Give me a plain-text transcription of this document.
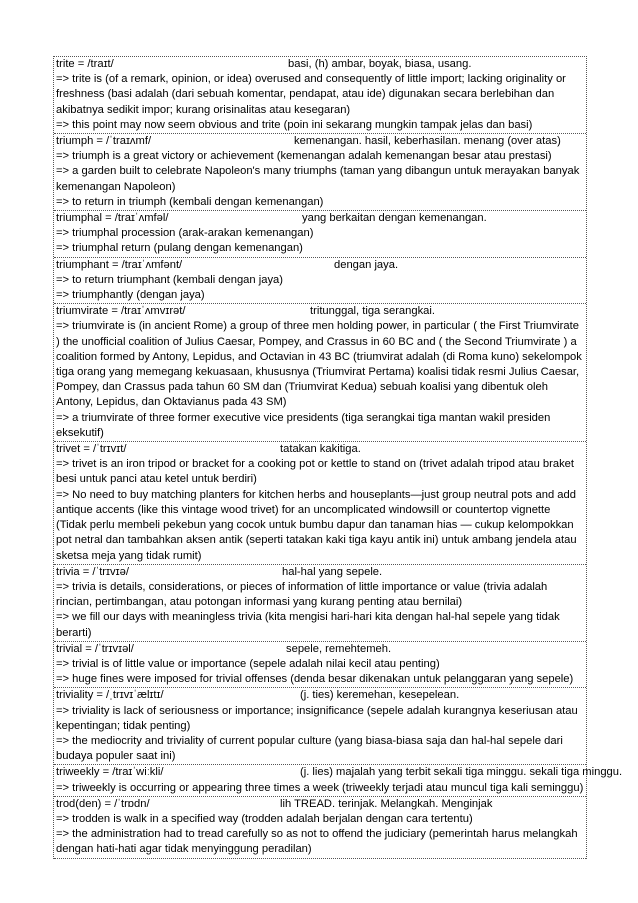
trite = /traɪt/	basi, (h) ambar, boyak, biasa, usang.
=> trite is (of a remark, opinion, or idea) overused and consequently of little import; lacking originality or freshness (basi adalah (dari sebuah komentar, pendapat, atau ide) digunakan secara berlebihan dan akibatnya sedikit impor; kurang orisinalitas atau kesegaran)
=> this point may now seem obvious and trite (poin ini sekarang mungkin tampak jelas dan basi)
triumph = /ˈtraɪʌmf/	kemenangan. hasil, keberhasilan. menang (over atas)
=> triumph is a great victory or achievement (kemenangan adalah kemenangan besar atau prestasi)
=> a garden built to celebrate Napoleon's many triumphs (taman yang dibangun untuk merayakan banyak kemenangan Napoleon)
=> to return in triumph (kembali dengan kemenangan)
triumphal = /traɪˈʌmfəl/	yang berkaitan dengan kemenangan.
=> triumphal procession (arak-arakan kemenangan)
=> triumphal return (pulang dengan kemenangan)
triumphant = /traɪˈʌmfənt/	dengan jaya.
=> to return triumphant (kembali dengan jaya)
=> triumphantly (dengan jaya)
triumvirate = /traɪˈʌmvɪrət/	tritunggal, tiga serangkai.
=> triumvirate is (in ancient Rome) a group of three men holding power, in particular ( the First Triumvirate ) the unofficial coalition of Julius Caesar, Pompey, and Crassus in 60 BC and ( the Second Triumvirate ) a coalition formed by Antony, Lepidus, and Octavian in 43 BC (triumvirat adalah (di Roma kuno) sekelompok tiga orang yang memegang kekuasaan, khususnya (Triumvirat Pertama) koalisi tidak resmi Julius Caesar, Pompey, dan Crassus pada tahun 60 SM dan (Triumvirat Kedua) sebuah koalisi yang dibentuk oleh Antony, Lepidus, dan Oktavianus pada 43 SM)
=> a triumvirate of three former executive vice presidents (tiga serangkai tiga mantan wakil presiden eksekutif)
trivet = /ˈtrɪvɪt/	tatakan kakitiga.
=> trivet is an iron tripod or bracket for a cooking pot or kettle to stand on (trivet adalah tripod atau braket besi untuk panci atau ketel untuk berdiri)
=> No need to buy matching planters for kitchen herbs and houseplants—just group neutral pots and add antique accents (like this vintage wood trivet) for an uncomplicated windowsill or countertop vignette (Tidak perlu membeli pekebun yang cocok untuk bumbu dapur dan tanaman hias — cukup kelompokkan pot netral dan tambahkan aksen antik (seperti tatakan kaki tiga kayu antik ini) untuk ambang jendela atau sketsa meja yang tidak rumit)
trivia = /ˈtrɪvɪə/	hal-hal yang sepele.
=> trivia is details, considerations, or pieces of information of little importance or value (trivia adalah rincian, pertimbangan, atau potongan informasi yang kurang penting atau bernilai)
=> we fill our days with meaningless trivia (kita mengisi hari-hari kita dengan hal-hal sepele yang tidak berarti)
trivial = /ˈtrɪvɪəl/	sepele, remehtemeh.
=> trivial is of little value or importance (sepele adalah nilai kecil atau penting)
=> huge fines were imposed for trivial offenses (denda besar dikenakan untuk pelanggaran yang sepele)
triviality = /ˌtrɪvɪˈælɪtɪ/	(j. ties) keremehan, kesepelean.
=> triviality is lack of seriousness or importance; insignificance (sepele adalah kurangnya keseriusan atau kepentingan; tidak penting)
=> the mediocrity and triviality of current popular culture (yang biasa-biasa saja dan hal-hal sepele dari budaya populer saat ini)
triweekly = /traɪˈwiːkli/	(j. lies) majalah yang terbit sekali tiga minggu. sekali tiga minggu.
=> triweekly is occurring or appearing three times a week (triweekly terjadi atau muncul tiga kali seminggu)
trod(den) = /ˈtrɒdn/	lih TREAD. terinjak. Melangkah. Menginjak
=> trodden is walk in a specified way (trodden adalah berjalan dengan cara tertentu)
=> the administration had to tread carefully so as not to offend the judiciary (pemerintah harus melangkah dengan hati-hati agar tidak menyinggung peradilan)
